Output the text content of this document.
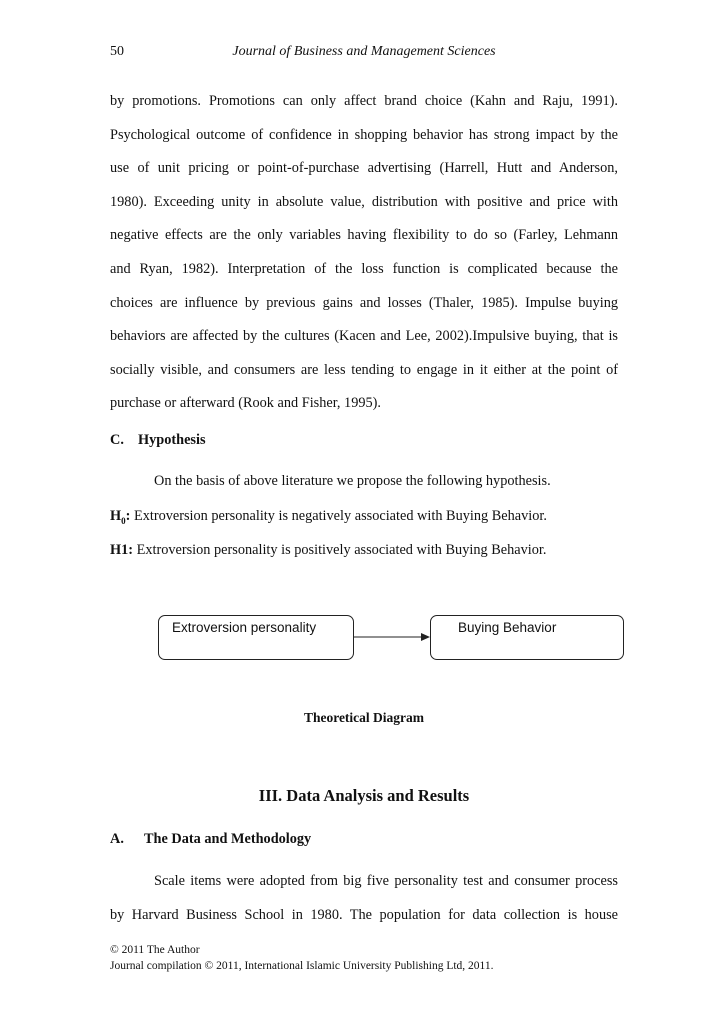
50	Journal of Business and Management Sciences
by promotions. Promotions can only affect brand choice (Kahn and Raju, 1991).
Psychological outcome of confidence in shopping behavior has strong impact by the
use of unit pricing or point-of-purchase advertising (Harrell, Hutt and Anderson,
1980). Exceeding unity in absolute value, distribution with positive and price with
negative effects are the only variables having flexibility to do so (Farley, Lehmann
and Ryan, 1982). Interpretation of the loss function is complicated because the
choices are influence by previous gains and losses (Thaler, 1985). Impulse buying
behaviors are affected by the cultures (Kacen and Lee, 2002).Impulsive buying, that is
socially visible, and consumers are less tending to engage in it either at the point of
purchase or afterward (Rook and Fisher, 1995).
C. Hypothesis
On the basis of above literature we propose the following hypothesis.
$H_0$: Extroversion personality is negatively associated with Buying Behavior.
H1: Extroversion personality is positively associated with Buying Behavior.
Extroversion personality	Buying Behavior
Theoretical Diagram
III. Data Analysis and Results
A. The Data and Methodology
Scale items were adopted from big five personality test and consumer process
by Harvard Business School in 1980. The population for data collection is house
© 2011 The Author
Journal compilation © 2011, International Islamic University Publishing Ltd, 2011.
